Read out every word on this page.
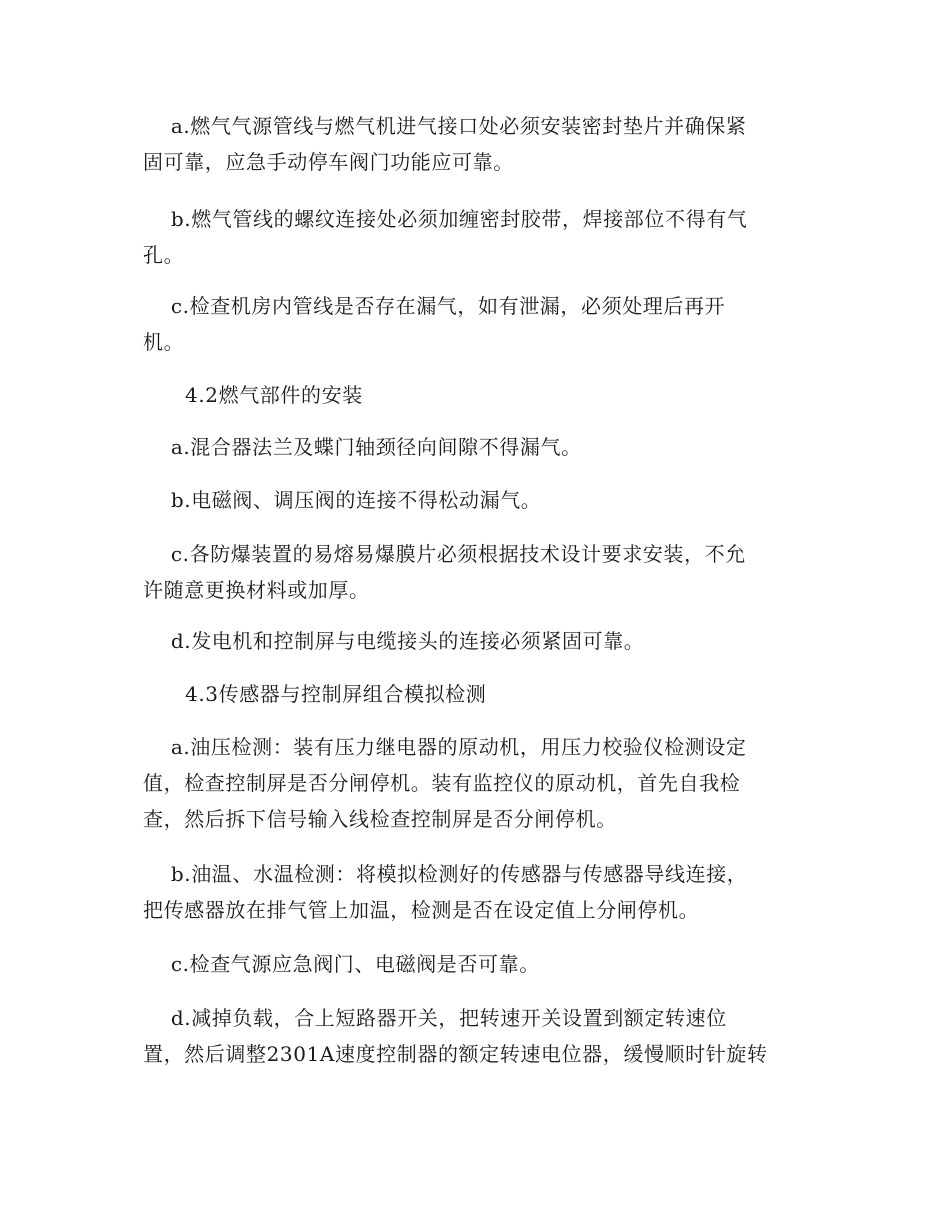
a.燃气气源管线与燃气机进气接口处必须安装密封垫片并确保紧
固可靠，应急手动停车阀门功能应可靠。

b.燃气管线的螺纹连接处必须加缠密封胶带，焊接部位不得有气
孔。

c.检查机房内管线是否存在漏气，如有泄漏，必须处理后再开
机。

4.2燃气部件的安装

a.混合器法兰及蝶门轴颈径向间隙不得漏气。

b.电磁阀、调压阀的连接不得松动漏气。

c.各防爆装置的易熔易爆膜片必须根据技术设计要求安装，不允
许随意更换材料或加厚。

d.发电机和控制屏与电缆接头的连接必须紧固可靠。

4.3传感器与控制屏组合模拟检测

a.油压检测：装有压力继电器的原动机，用压力校验仪检测设定
值，检查控制屏是否分闸停机。装有监控仪的原动机，首先自我检
查，然后拆下信号输入线检查控制屏是否分闸停机。

b.油温、水温检测：将模拟检测好的传感器与传感器导线连接，
把传感器放在排气管上加温，检测是否在设定值上分闸停机。

c.检查气源应急阀门、电磁阀是否可靠。

d.减掉负载，合上短路器开关，把转速开关设置到额定转速位
置，然后调整2301A速度控制器的额定转速电位器，缓慢顺时针旋转
